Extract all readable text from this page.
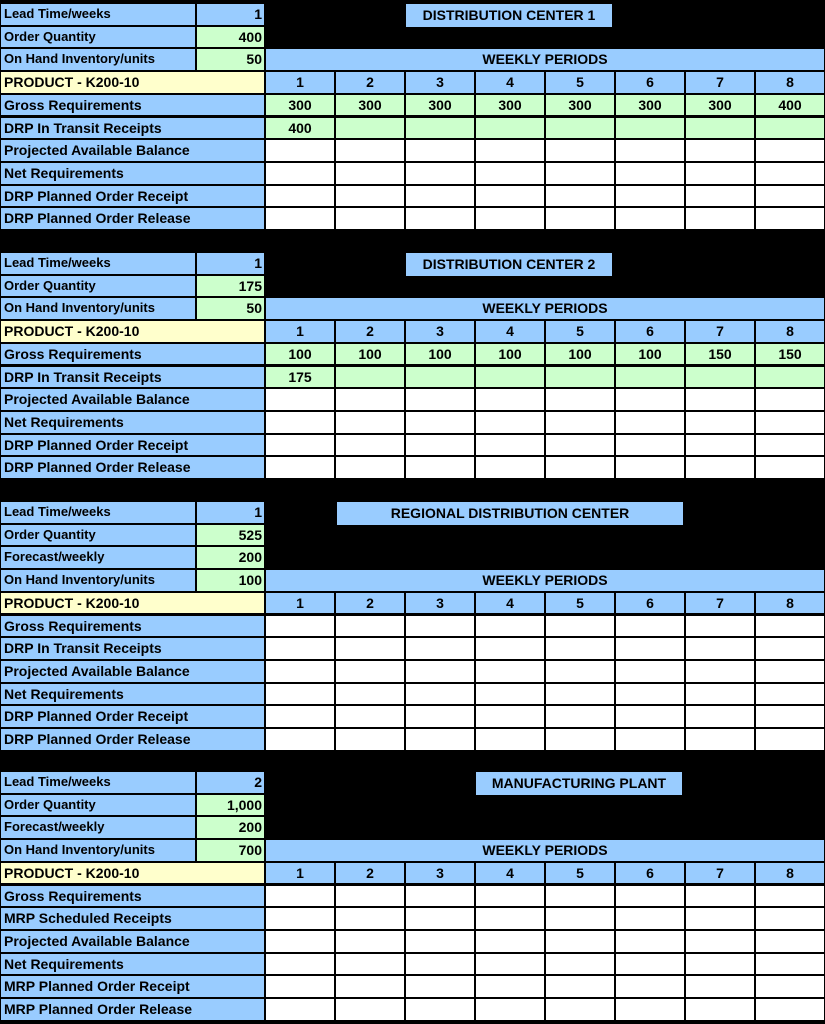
DISTRIBUTION CENTER 1
Lead Time/weeks	1
Order Quantity	400
On Hand Inventory/units	50	WEEKLY PERIODS
PRODUCT - K200-10	1	2	3	4	5	6	7	8
Gross Requirements	300	300	300	300	300	300	300	400
DRP In Transit Receipts	400
Projected Available Balance
Net Requirements
DRP Planned Order Receipt
DRP Planned Order Release
DISTRIBUTION CENTER 2
Lead Time/weeks	1
Order Quantity	175
On Hand Inventory/units	50	WEEKLY PERIODS
PRODUCT - K200-10	1	2	3	4	5	6	7	8
Gross Requirements	100	100	100	100	100	100	150	150
DRP In Transit Receipts	175
Projected Available Balance
Net Requirements
DRP Planned Order Receipt
DRP Planned Order Release
REGIONAL DISTRIBUTION CENTER
Lead Time/weeks	1
Order Quantity	525
Forecast/weekly	200
On Hand Inventory/units	100	WEEKLY PERIODS
PRODUCT - K200-10	1	2	3	4	5	6	7	8
Gross Requirements
DRP In Transit Receipts
Projected Available Balance
Net Requirements
DRP Planned Order Receipt
DRP Planned Order Release
MANUFACTURING PLANT
Lead Time/weeks	2
Order Quantity	1,000
Forecast/weekly	200
On Hand Inventory/units	700	WEEKLY PERIODS
PRODUCT - K200-10	1	2	3	4	5	6	7	8
Gross Requirements
MRP Scheduled Receipts
Projected Available Balance
Net Requirements
MRP Planned Order Receipt
MRP Planned Order Release
